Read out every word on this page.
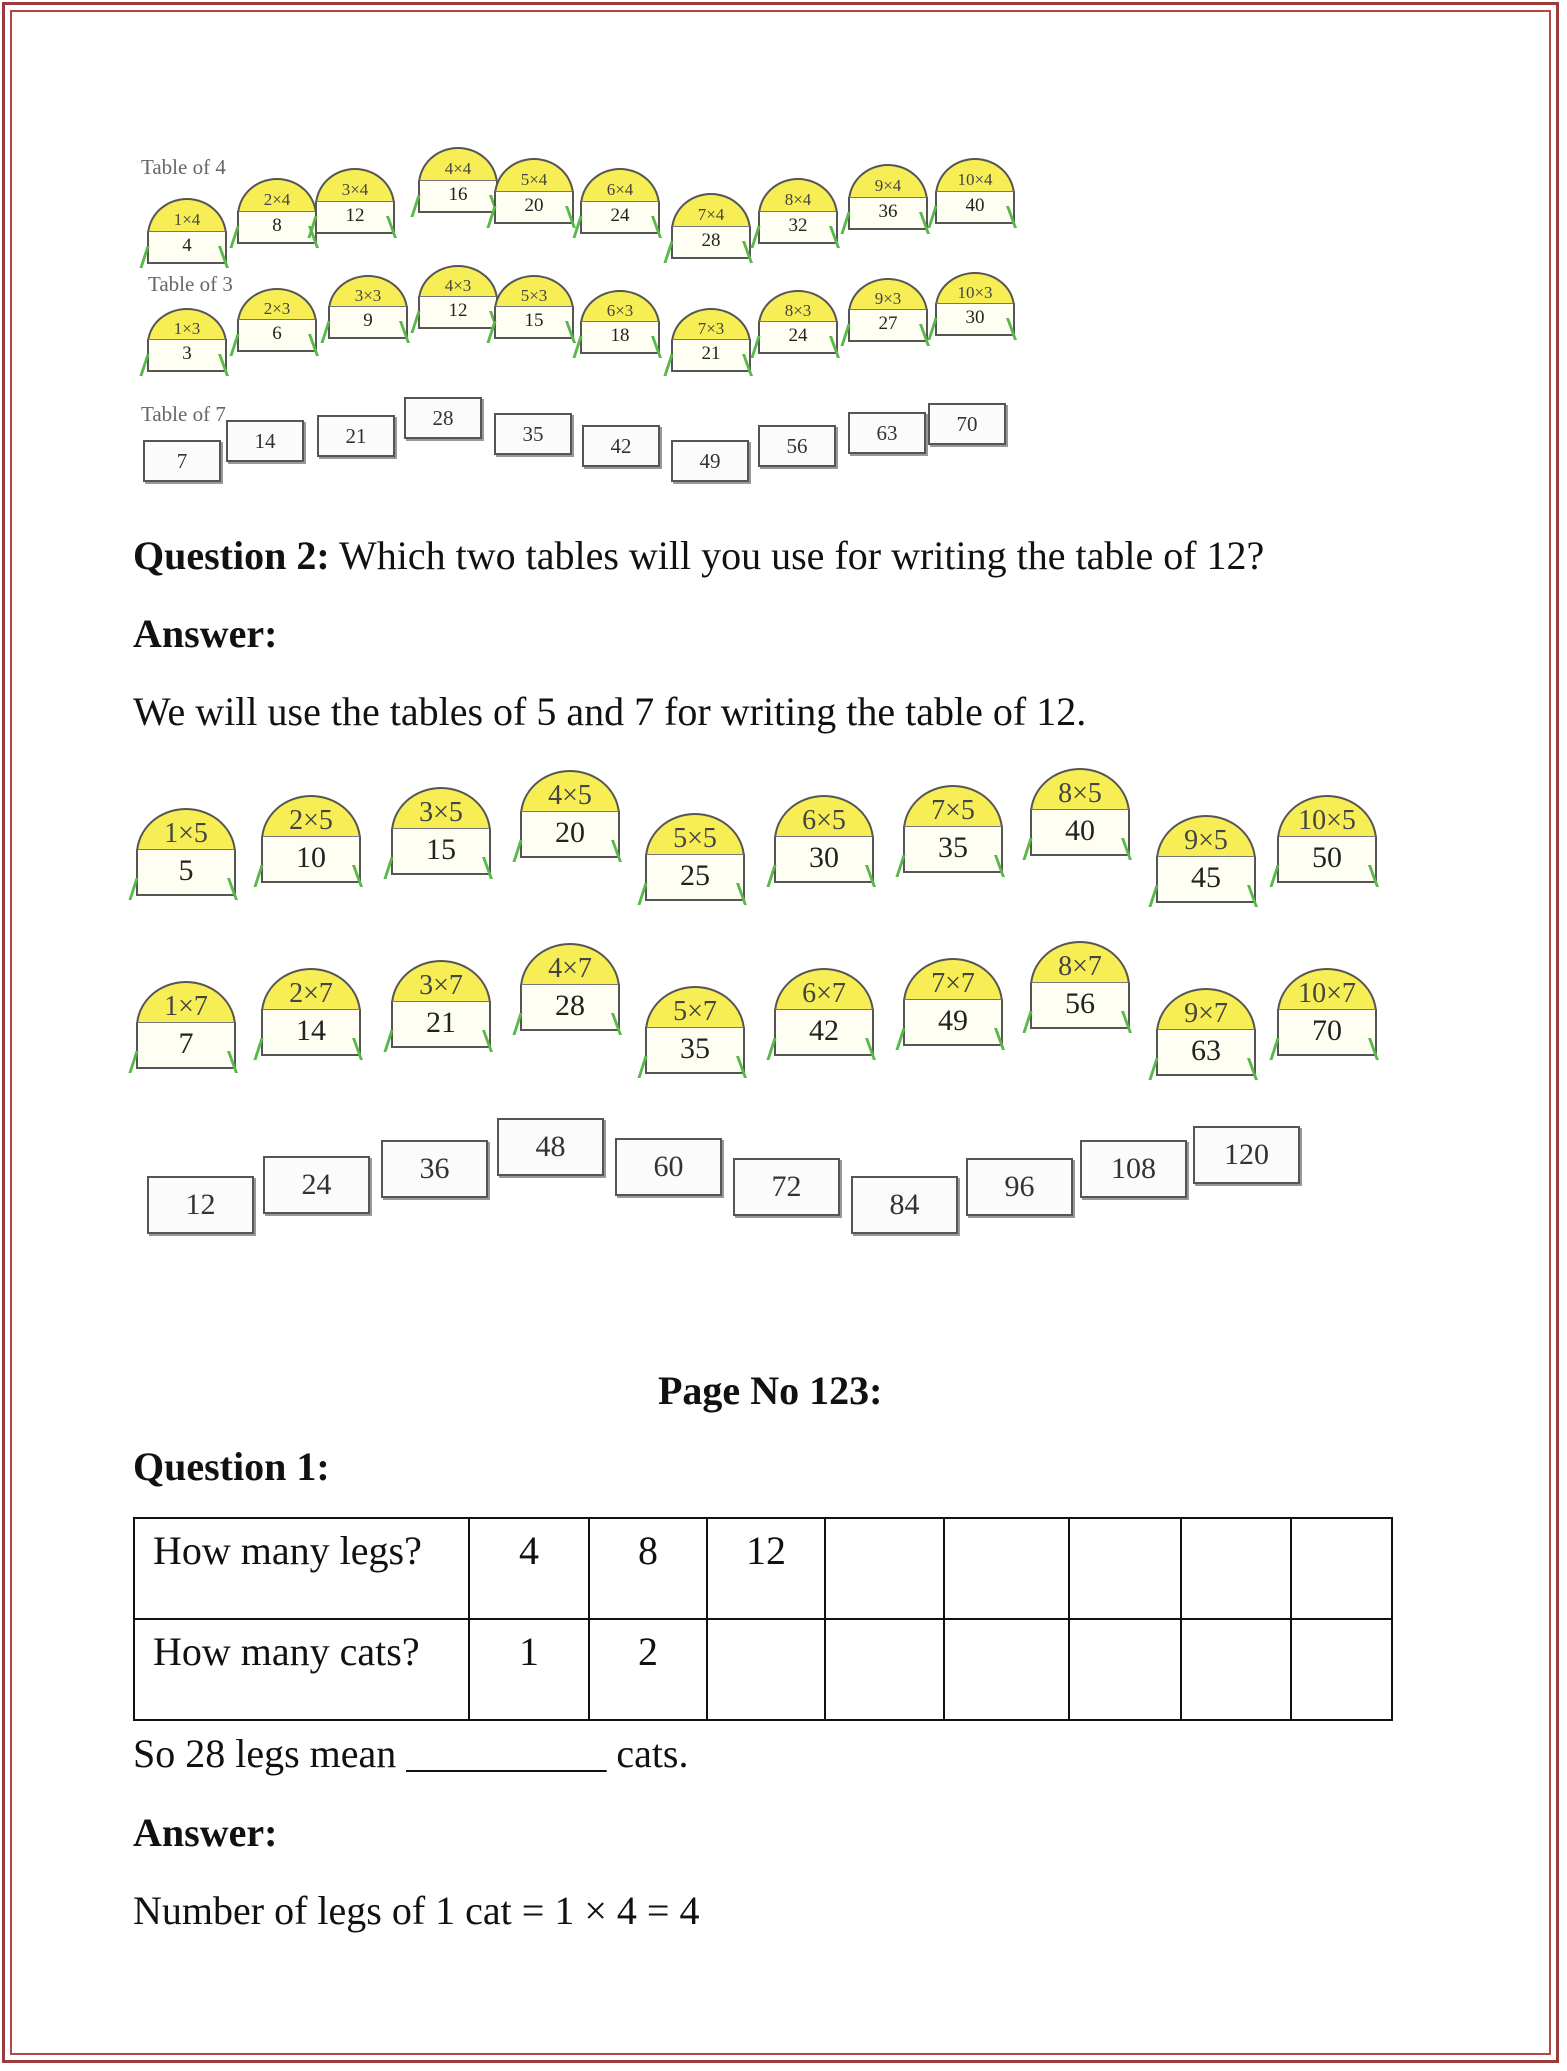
Table of 4
Table of 3
Table of 7
1×4
4
2×4
8
3×4
12
4×4
16
5×4
20
6×4
24	7×4
28
8×4
32
9×4
36
10×4
40
1×3
3
2×3
6
3×3
9
4×3
12
5×3
15	6×3
18	7×3
21
8×3
24
9×3
27
10×3
30
7
14	21
28
35	42
49
56
63	70
Question 2: Which two tables will you use for writing the table of 12?
Answer:
We will use the tables of 5 and 7 for writing the table of 12.
1×5
5
2×5
10
3×5
15
4×5
20	5×5
25
6×5
30
7×5
35
8×5
40	9×5
45
10×5
50
1×7
7
2×7
14
3×7
21
4×7
28	5×7
35
6×7
42
7×7
49
8×7
56	9×7
63
10×7
70
12
24	36
48
60
72
84
96
108	120
Page No 123:
Question 1:
How many legs?	4	8	12					
How many cats?	1	2						
So 28 legs mean __________ cats.
Answer:
Number of legs of 1 cat = 1 × 4 = 4
